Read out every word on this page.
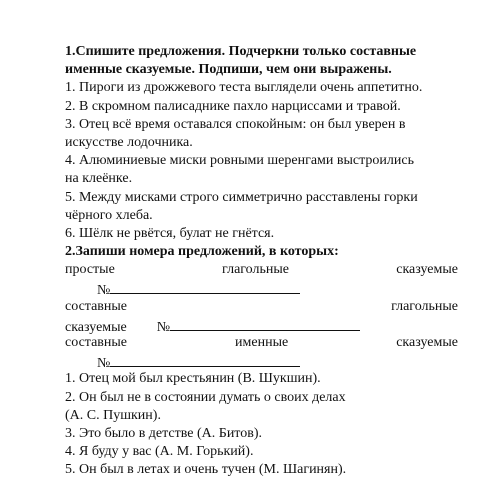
1.Спишите предложения. Подчеркни только составные
именные сказуемые. Подпиши, чем они выражены.
1. Пироги из дрожжевого теста выглядели очень аппетитно.
2. В скромном палисаднике пахло нарциссами и травой.
3. Отец всё время оставался спокойным: он был уверен в
искусстве лодочника.
4. Алюминиевые миски ровными шеренгами выстроились
на клеёнке.
5. Между мисками строго симметрично расставлены горки
чёрного хлеба.
6. Шёлк не рвётся, булат не гнётся.
2.Запиши номера предложений, в которых:
простые	глагольные	сказуемые
№
составные	глагольные
сказуемые №
составные	именные	сказуемые
№
1. Отец мой был крестьянин (В. Шукшин).
2. Он был не в состоянии думать о своих делах
(А. С. Пушкин).
3. Это было в детстве (А. Битов).
4. Я буду у вас (А. М. Горький).
5. Он был в летах и очень тучен (М. Шагинян).
